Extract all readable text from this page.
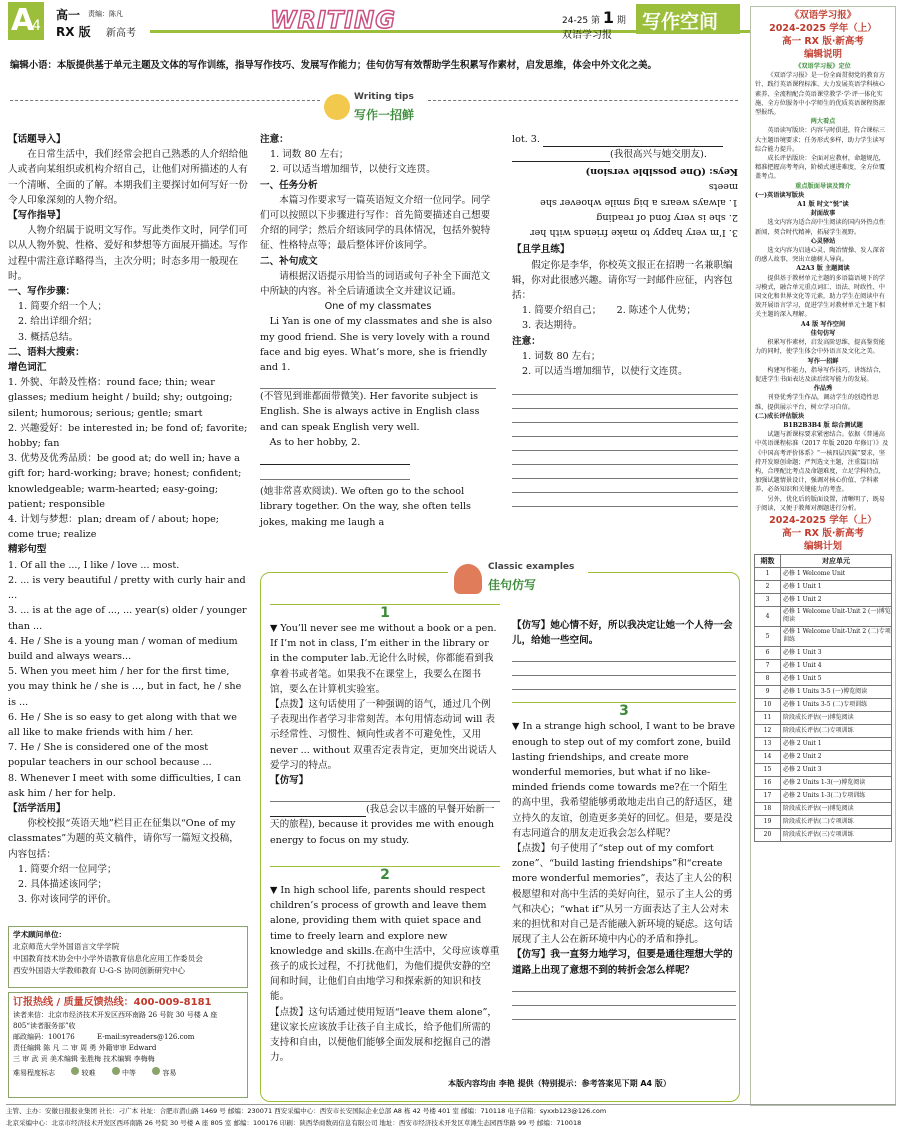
A
4
高一 责编：陈凡
RX 版 新高考	WRITING	24-25 第 1 期
双语学习报
写作空间

编辑小语：本版提供基于单元主题及文体的写作训练，指导写作技巧、发展写作能力；佳句仿写有效帮助学生积累写作素材，启发思维，体会中外文化之美。

Writing tips
写作一招鲜
【话题导入】

在日常生活中，我们经常会把自己熟悉的人介绍给他人或者向某组织或机构介绍自己，让他们对所描述的人有一个清晰、全面的了解。本期我们主要探讨如何写好一份令人印象深刻的人物介绍。

【写作指导】

人物介绍属于说明文写作。写此类作文时，同学们可以从人物外貌、性格、爱好和梦想等方面展开描述。写作过程中需注意详略得当，主次分明；时态多用一般现在时。

一、写作步骤：
1. 简要介绍一个人；
2. 给出详细介绍；
3. 概括总结。
二、语料大搜索：
增色词汇

1. 外貌、年龄及性格：round face; thin; wear glasses; medium height / build; shy; outgoing; silent; humorous; serious; gentle; smart

2. 兴趣爱好：be interested in; be fond of; favorite; hobby; fan

3. 优势及优秀品质：be good at; do well in; have a gift for; hard-working; brave; honest; confident; knowledgeable; warm-hearted; easy-going; patient; responsible

4. 计划与梦想：plan; dream of / about; hope; come true; realize

精彩句型

1. Of all the ..., I like / love ... most.

2. ... is very beautiful / pretty with curly hair and ...

3. ... is at the age of ..., ... year(s) older / younger than ...

4. He / She is a young man / woman of medium build and always wears...

5. When you meet him / her for the first time, you may think he / she is ..., but in fact, he / she is ...

6. He / She is so easy to get along with that we all like to make friends with him / her.

7. He / She is considered one of the most popular teachers in our school because ...

8. Whenever I meet with some difficulties, I can ask him / her for help.

【活学活用】

你校校报“英语天地”栏目正在征集以“One of my classmates”为题的英文稿件，请你写一篇短文投稿，内容包括：

1. 简要介绍一位同学；
2. 具体描述该同学；
3. 你对该同学的评价。
学术顾问单位：
北京师范大学外国语言文学学院
中国教育技术协会中小学外语教育信息化应用工作委员会
西安外国语大学教师教育 U-G-S 协同创新研究中心
订报热线 / 质量反馈热线：400-009-8181
读者来信：北京市经济技术开发区西环南路 26 号院 30 号楼 A 座 805“读者服务部”收
邮政编码：100176	E-mail:syreaders@126.com
责任编辑 陈 凡 二 审 周 勇 外籍审审 Edward
三 审 武 贡 美术编辑 张胜梅 技术编辑 李梅梅
难易程度标志	较难	中等	容易
注意：
1. 词数 80 左右；
2. 可以适当增加细节，以使行文连贯。
一、任务分析

本篇习作要求写一篇英语短文介绍一位同学。同学们可以按照以下步骤进行写作：首先简要描述自己想要介绍的同学；然后介绍该同学的具体情况，包括外貌特征、性格特点等；最后整体评价该同学。

二、补句成文

请根据汉语提示用恰当的词语或句子补全下面范文中所缺的内容。补全后请通读全文并建议记诵。

One of my classmates

Li Yan is one of my classmates and she is also my good friend. She is very lovely with a round face and big eyes. What’s more, she is friendly and 1.

(不管见到谁都面带微笑). Her favorite subject is English. She is always active in English class and can speak English very well.

As to her hobby, 2.

(她非常喜欢阅读). We often go to the school library together. On the way, she often tells jokes, making me laugh a

lot. 3.

(我很高兴与她交朋友).

3. I’m very happy to make friends with her
2. she is very fond of reading
1. always wears a big smile whoever she meets
Keys: (One possible version)
【且学且练】

假定你是李华，你校英文报正在招聘一名兼职编辑，你对此很感兴趣。请你写一封邮件应征，内容包括：

1. 简要介绍自己；     2. 陈述个人优势；
3. 表达期待。
注意：
1. 词数 80 左右；
2. 可以适当增加细节，以使行文连贯。
Classic examples
佳句仿写
1

▼ You’ll never see me without a book or a pen. If I’m not in class, I’m either in the library or in the computer lab.无论什么时候，你都能看到我拿着书或者笔。如果我不在课堂上，我要么在图书馆，要么在计算机实验室。

【点拨】这句话使用了一种强调的语气，通过几个例子表现出作者学习非常刻苦。本句用情态动词 will 表示经常性、习惯性、倾向性或者不可避免性，又用 never ... without 双重否定表肯定，更加突出说话人爱学习的特点。

【仿写】

(我总会以丰盛的早餐开始新一天的旅程), because it provides me with enough energy to focus on my study.

2

▼ In high school life, parents should respect children’s process of growth and leave them alone, providing them with quiet space and time to freely learn and explore new knowledge and skills.在高中生活中，父母应该尊重孩子的成长过程，不打扰他们，为他们提供安静的空间和时间，让他们自由地学习和探索新的知识和技能。

【点拨】这句话通过使用短语“leave them alone”，建议家长应该放手让孩子自主成长，给予他们所需的支持和自由，以便他们能够全面发展和挖掘自己的潜力。

【仿写】她心情不好，所以我决定让她一个人待一会儿，给她一些空间。

3

▼ In a strange high school, I want to be brave enough to step out of my comfort zone, build lasting friendships, and create more wonderful memories, but what if no like-minded friends come towards me?在一个陌生的高中里，我希望能够勇敢地走出自己的舒适区，建立持久的友谊，创造更多美好的回忆。但是，要是没有志同道合的朋友走近我会怎么样呢？

【点拨】句子使用了“step out of my comfort zone”、“build lasting friendships”和“create more wonderful memories”，表达了主人公的积极愿望和对高中生活的美好向往，显示了主人公的勇气和决心；“what if”从另一方面表达了主人公对未来的担忧和对自己是否能融入新环境的疑虑。这句话展现了主人公在新环境中内心的矛盾和挣扎。

【仿写】我一直努力地学习，但要是通往理想大学的道路上出现了意想不到的转折会怎么样呢？

本版内容均由 李艳 提供（特别提示：参考答案见下期 A4 版）
《双语学习报》
2024-2025 学年（上）
高一 RX 版·新高考
编辑说明
《双语学习报》定位

《双语学习报》是一份全面贯彻党的教育方针、践行英语课程标准、大力发展英语学科核心素养、全流程配合英语课堂教学·学·评一体化实施、全方位服务中小学师生的优质英语课程资源型报纸。

两大看点

英语读写版块：内容与时俱进，符合课标三大主题语境要求；任务形式多样，助力学生读写综合能力提升。

成长评估版块：全面对应教材，命题规范，精准把握高考考向，阶梯式递进难度，全方位覆盖考点。

重点版面导读及简介
(一)英语读写版块
A1 版 时文“悦”读
封面故事

选文内容为适合高中生阅读的国内外热点性新闻，契合时代精神，拓展学生视野。

心灵驿站

选文内容为启迪心灵、陶冶情操、发人深省的感人故事，突出立德树人导向。

A2A3 版 主题阅读

提供基于教材单元主题的多语篇语境下的学习模式，融合单元重点词汇、语法、时政性、中国文化和世界文化等元素，助力学生在阅读中有效开展语言学习，促进学生对教材单元主题下相关主题的深入理解。

A4 版 写作空间
佳句仿写

积累写作素材，启发高阶思维，提高鉴赏能力的同时，使学生体会中外语言及文化之美。

写作一招鲜

构建写作能力，指导写作技巧，讲练结合，促进学生书面表达及读后续写能力的发展。

作品秀

刊登优秀学生作品，调动学生的创造性思维，提供展示平台，树立学习自信。

(二)成长评估版块
B1B2B3B4 版 综合测试题

试题与新课标要求紧密结合。依据《普通高中英语课程标准（2017 年版 2020 年修订）》及《中国高考评价体系》“一核四层四翼”要求，坚持开发原创命题；严判选文主题，注重篇目结构，合理配比考点及命题难度，立足学科特点，加强试题情景设计，强调对核心价值、学科素养、必备知识和关键能力的考查。

另外，优化后的版面设置，清晰明了，既易于阅读，又便于教师对测题进行分析。

2024-2025 学年（上）
高一 RX 版·新高考
编辑计划
期数	对应单元
1	必修 1 Welcome Unit
2	必修 1 Unit 1
3	必修 1 Unit 2
4	必修 1 Welcome Unit-Unit 2 (一)博览阅读
5	必修 1 Welcome Unit-Unit 2 (二)专项训练
6	必修 1 Unit 3
7	必修 1 Unit 4
8	必修 1 Unit 5
9	必修 1 Units 3-5 (一)博览阅读
10	必修 1 Units 3-5 (二)专项训练
11	阶段成长评估(一)博览阅读
12	阶段成长评估(二)专项训练
13	必修 2 Unit 1
14	必修 2 Unit 2
15	必修 2 Unit 3
16	必修 2 Units 1-3(一)博览阅读
17	必修 2 Units 1-3(二)专项训练
18	阶段成长评估(一)博览阅读
19	阶段成长评估(二)专项训练
20	阶段成长评估(三)专项训练
主管、主办：安徽日报报业集团 社长：刁广本 社址：合肥市潜山路 1469 号 邮编：230071 西安采编中心：西安市长安国际企业总部 A8 栋 42 号楼 401 室 邮编：710118 电子信箱：syxxb123@126.com
北京采编中心：北京市经济技术开发区西环南路 26 号院 30 号楼 A 座 805 室 邮编：100176 印刷：陕西华商数码信息有限公司 地址：西安市经济技术开发区草滩生态园西华路 99 号 邮编：710018
